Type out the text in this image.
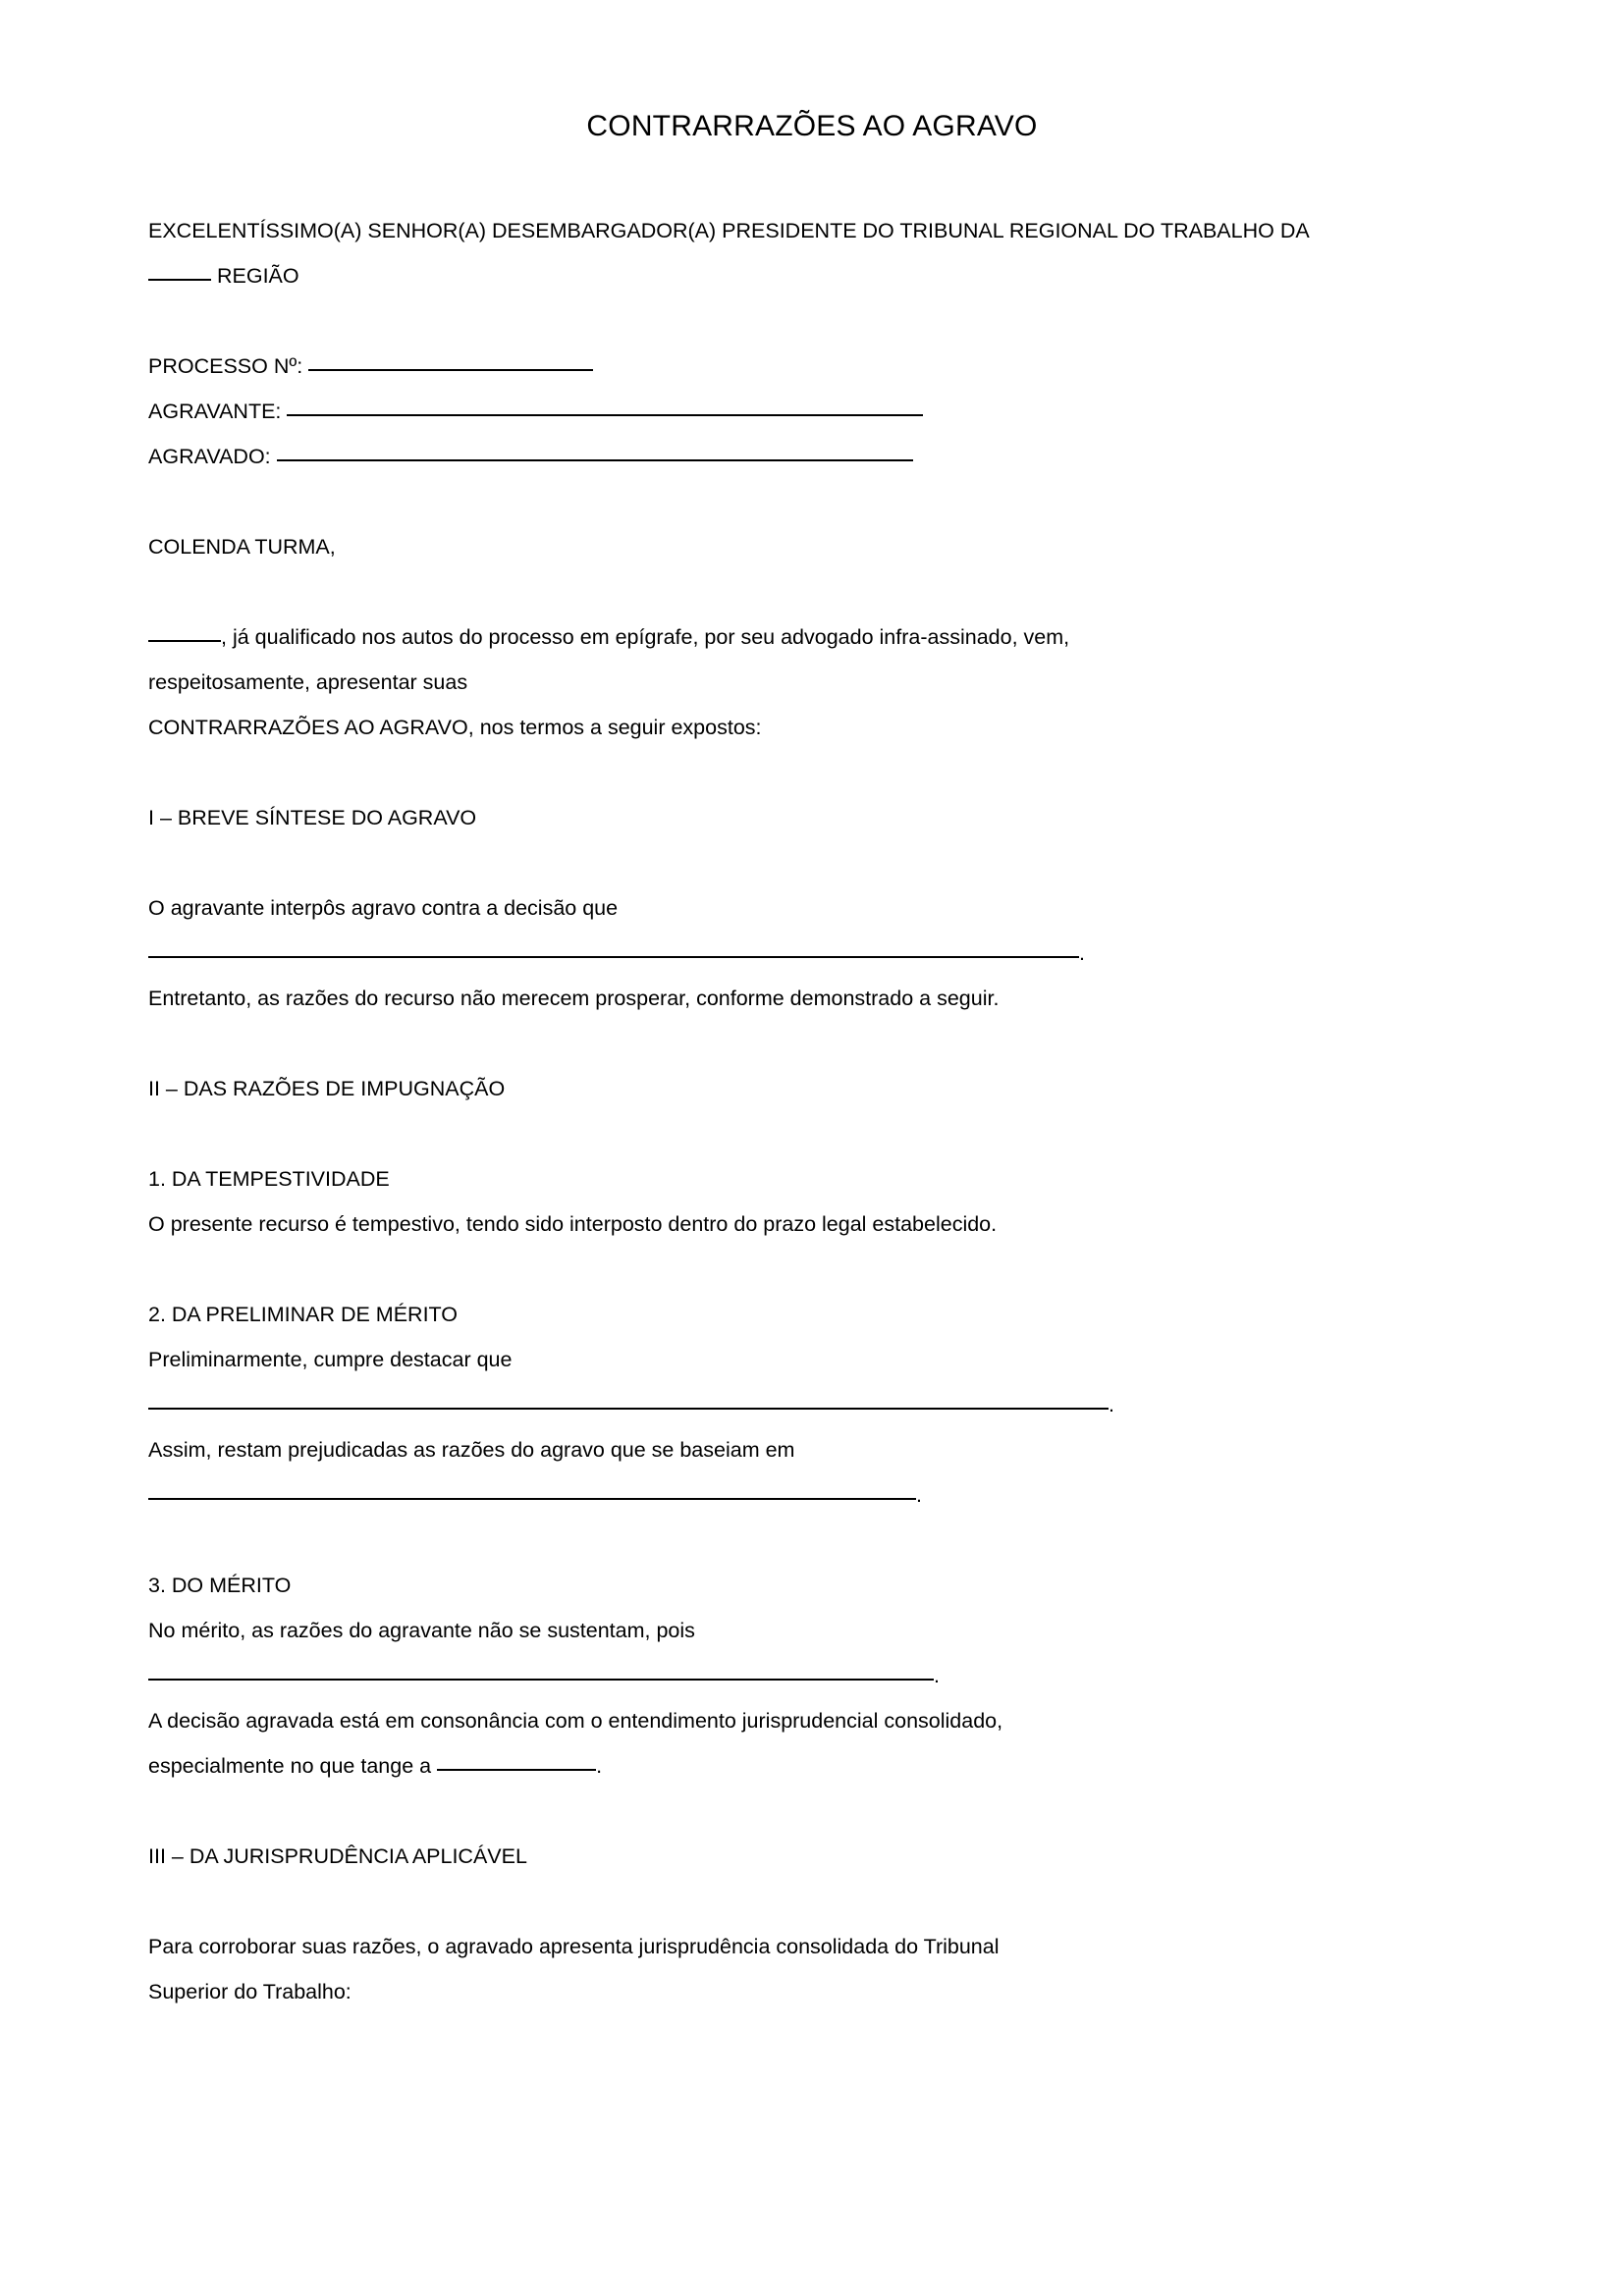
CONTRARRAZÕES AO AGRAVO
EXCELENTÍSSIMO(A) SENHOR(A) DESEMBARGADOR(A) PRESIDENTE DO TRIBUNAL REGIONAL DO TRABALHO DA
REGIÃO
PROCESSO Nº:
AGRAVANTE:
AGRAVADO:
COLENDA TURMA,
, já qualificado nos autos do processo em epígrafe, por seu advogado infra-assinado, vem,
respeitosamente, apresentar suas
CONTRARRAZÕES AO AGRAVO, nos termos a seguir expostos:
I – BREVE SÍNTESE DO AGRAVO
O agravante interpôs agravo contra a decisão que
.
Entretanto, as razões do recurso não merecem prosperar, conforme demonstrado a seguir.
II – DAS RAZÕES DE IMPUGNAÇÃO
1. DA TEMPESTIVIDADE
O presente recurso é tempestivo, tendo sido interposto dentro do prazo legal estabelecido.
2. DA PRELIMINAR DE MÉRITO
Preliminarmente, cumpre destacar que
.
Assim, restam prejudicadas as razões do agravo que se baseiam em
.
3. DO MÉRITO
No mérito, as razões do agravante não se sustentam, pois
.
A decisão agravada está em consonância com o entendimento jurisprudencial consolidado,
especialmente no que tange a	.
III – DA JURISPRUDÊNCIA APLICÁVEL
Para corroborar suas razões, o agravado apresenta jurisprudência consolidada do Tribunal
Superior do Trabalho:
